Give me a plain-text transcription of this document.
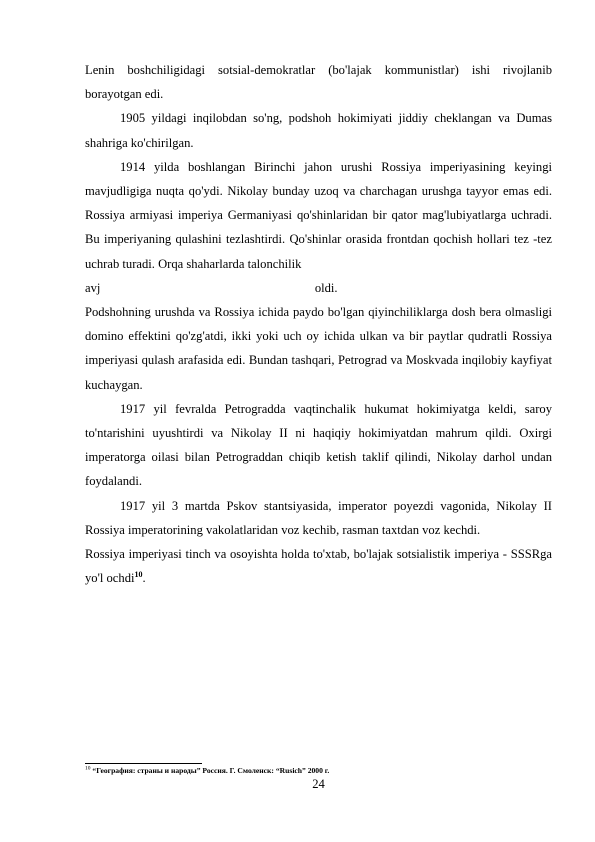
Lenin boshchiligidagi sotsial-demokratlar (bo'lajak kommunistlar) ishi rivojlanib borayotgan edi.

1905 yildagi inqilobdan so'ng, podshoh hokimiyati jiddiy cheklangan va Dumas shahriga ko'chirilgan.

1914 yilda boshlangan Birinchi jahon urushi Rossiya imperiyasining keyingi mavjudligiga nuqta qo'ydi. Nikolay bunday uzoq va charchagan urushga tayyor emas edi. Rossiya armiyasi imperiya Germaniyasi qo'shinlaridan bir qator mag'lubiyatlarga uchradi. Bu imperiyaning qulashini tezlashtirdi. Qo'shinlar orasida frontdan qochish hollari tez -tez uchrab turadi. Orqa shaharlarda talonchilik

avj	oldi.

Podshohning urushda va Rossiya ichida paydo bo'lgan qiyinchiliklarga dosh bera olmasligi domino effektini qo'zg'atdi, ikki yoki uch oy ichida ulkan va bir paytlar qudratli Rossiya imperiyasi qulash arafasida edi. Bundan tashqari, Petrograd va Moskvada inqilobiy kayfiyat kuchaygan.

1917 yil fevralda Petrogradda vaqtinchalik hukumat hokimiyatga keldi, saroy to'ntarishini uyushtirdi va Nikolay II ni haqiqiy hokimiyatdan mahrum qildi. Oxirgi imperatorga oilasi bilan Petrograddan chiqib ketish taklif qilindi, Nikolay darhol undan foydalandi.

1917 yil 3 martda Pskov stantsiyasida, imperator poyezdi vagonida, Nikolay II Rossiya imperatorining vakolatlaridan voz kechib, rasman taxtdan voz kechdi.

Rossiya imperiyasi tinch va osoyishta holda to'xtab, bo'lajak sotsialistik imperiya - SSSRga yo'l ochdi$^{10}$.

$^{10}$ “География: страны и народы” Россия. Г. Смоленск: “Rusich” 2000 г.
24
